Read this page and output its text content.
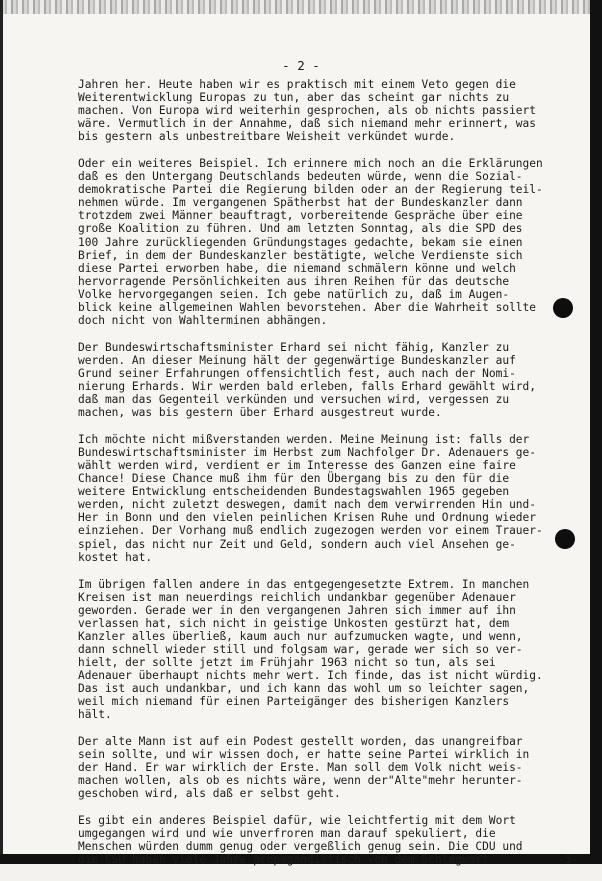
- 2 -
Jahren her. Heute haben wir es praktisch mit einem Veto gegen die
Weiterentwicklung Europas zu tun, aber das scheint gar nichts zu
machen. Von Europa wird weiterhin gesprochen, als ob nichts passiert
wäre. Vermutlich in der Annahme, daß sich niemand mehr erinnert, was
bis gestern als unbestreitbare Weisheit verkündet wurde.
Oder ein weiteres Beispiel. Ich erinnere mich noch an die Erklärungen
daß es den Untergang Deutschlands bedeuten würde, wenn die Sozial-
demokratische Partei die Regierung bilden oder an der Regierung teil-
nehmen würde. Im vergangenen Spätherbst hat der Bundeskanzler dann
trotzdem zwei Männer beauftragt, vorbereitende Gespräche über eine
große Koalition zu führen. Und am letzten Sonntag, als die SPD des
100 Jahre zurückliegenden Gründungstages gedachte, bekam sie einen
Brief, in dem der Bundeskanzler bestätigte, welche Verdienste sich
diese Partei erworben habe, die niemand schmälern könne und welch
hervorragende Persönlichkeiten aus ihren Reihen für das deutsche
Volke hervorgegangen seien. Ich gebe natürlich zu, daß im Augen-
blick keine allgemeinen Wahlen bevorstehen. Aber die Wahrheit sollte
doch nicht von Wahlterminen abhängen.
Der Bundeswirtschaftsminister Erhard sei nicht fähig, Kanzler zu
werden. An dieser Meinung hält der gegenwärtige Bundeskanzler auf
Grund seiner Erfahrungen offensichtlich fest, auch nach der Nomi-
nierung Erhards. Wir werden bald erleben, falls Erhard gewählt wird,
daß man das Gegenteil verkünden und versuchen wird, vergessen zu
machen, was bis gestern über Erhard ausgestreut wurde.
Ich möchte nicht mißverstanden werden. Meine Meinung ist: falls der
Bundeswirtschaftsminister im Herbst zum Nachfolger Dr. Adenauers ge-
wählt werden wird, verdient er im Interesse des Ganzen eine faire
Chance! Diese Chance muß ihm für den Übergang bis zu den für die
weitere Entwicklung entscheidenden Bundestagswahlen 1965 gegeben
werden, nicht zuletzt deswegen, damit nach dem verwirrenden Hin und-
Her in Bonn und den vielen peinlichen Krisen Ruhe und Ordnung wieder
einziehen. Der Vorhang muß endlich zugezogen werden vor einem Trauer-
spiel, das nicht nur Zeit und Geld, sondern auch viel Ansehen ge-
kostet hat.
Im übrigen fallen andere in das entgegengesetzte Extrem. In manchen
Kreisen ist man neuerdings reichlich undankbar gegenüber Adenauer
geworden. Gerade wer in den vergangenen Jahren sich immer auf ihn
verlassen hat, sich nicht in geistige Unkosten gestürzt hat, dem
Kanzler alles überließ, kaum auch nur aufzumucken wagte, und wenn,
dann schnell wieder still und folgsam war, gerade wer sich so ver-
hielt, der sollte jetzt im Frühjahr 1963 nicht so tun, als sei
Adenauer überhaupt nichts mehr wert. Ich finde, das ist nicht würdig.
Das ist auch undankbar, und ich kann das wohl um so leichter sagen,
weil mich niemand für einen Parteigänger des bisherigen Kanzlers
hält.
Der alte Mann ist auf ein Podest gestellt worden, das unangreifbar
sein sollte, und wir wissen doch, er hatte seine Partei wirklich in
der Hand. Er war wirklich der Erste. Man soll dem Volk nicht weis-
machen wollen, als ob es nichts wäre, wenn der"Alte"mehr herunter-
geschoben wird, als daß er selbst geht.
Es gibt ein anderes Beispiel dafür, wie leichtfertig mit dem Wort
umgegangen wird und wie unverfroren man darauf spekuliert, die
Menschen würden dumm genug oder vergeßlich genug sein. Die CDU und
die CSU haben viele Jahre propagandistisch von dem Schlagwort	-3-
